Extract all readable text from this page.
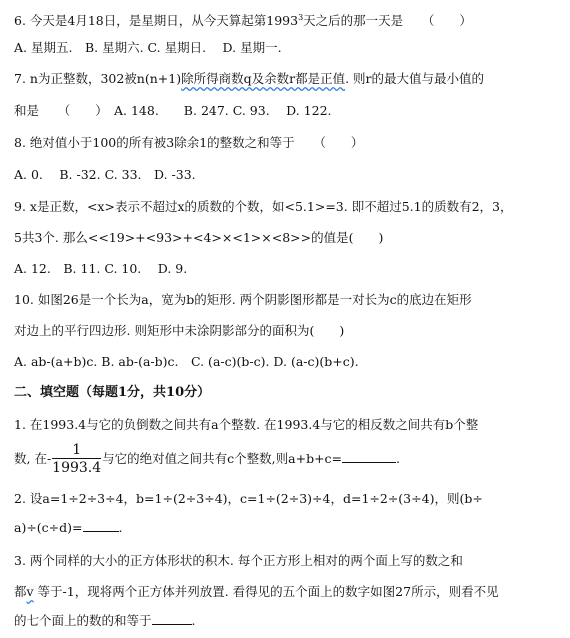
6. 今天是4月18日，是星期日，从今天算起第1993$^3$天之后的那一天是　　（　　）
A. 星期五.　B. 星期六. C. 星期日.　 D. 星期一.
7. n为正整数，302被n(n+1)除所得商数q及余数r都是正值. 则r的最大值与最小值的
和是　　（　　）　A. 148.　　B. 247. C. 93.　 D. 122.
8. 绝对值小于100的所有被3除余1的整数之和等于　　（　　）
A. 0.　 B. -32. C. 33.　D. -33.
9. x是正数，<x>表示不超过x的质数的个数，如<5.1>=3. 即不超过5.1的质数有2，3，
5共3个. 那么<<19>+<93>+<4>×<1>×<8>>的值是(　　)
A. 12.　B. 11. C. 10.　 D. 9.
10. 如图26是一个长为a，宽为b的矩形. 两个阴影图形都是一对长为c的底边在矩形
对边上的平行四边形. 则矩形中未涂阴影部分的面积为(　　)
A. ab-(a+b)c. B. ab-(a-b)c.　C. (a-c)(b-c). D. (a-c)(b+c).
二、填空题（每题1分，共10分）
1. 在1993.4与它的负倒数之间共有a个整数. 在1993.4与它的相反数之间共有b个整
数, 在- $\frac{1}{1993.4}$ 与它的绝对值之间共有c个整数,则a+b+c=	.
2. 设a=1÷2÷3÷4，b=1÷(2÷3÷4)，c=1÷(2÷3)÷4，d=1÷2÷(3÷4)，则(b÷
a)÷(c÷d)=	.
3. 两个同样的大小的正方体形状的积木. 每个正方形上相对的两个面上写的数之和
都v 等于-1，现将两个正方体并列放置. 看得见的五个面上的数字如图27所示，则看不见
的七个面上的数的和等于	.
